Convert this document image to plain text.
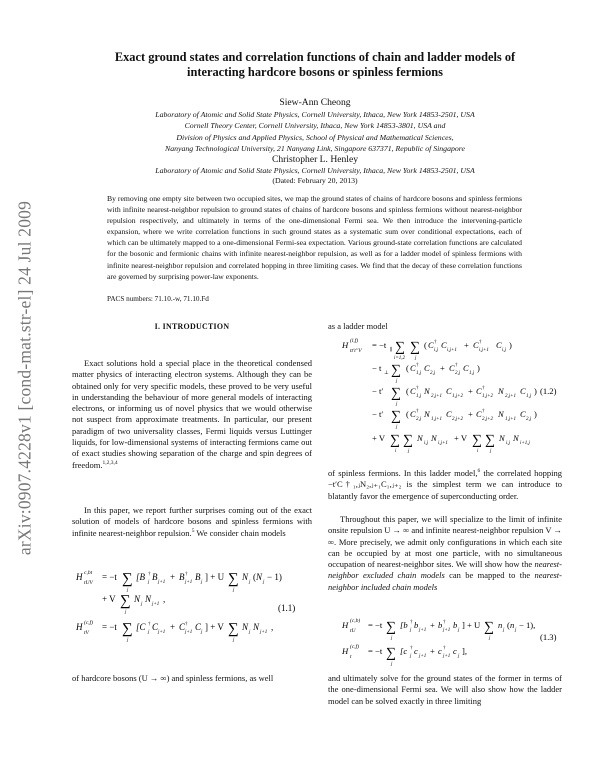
arXiv:0907.4228v1 [cond-mat.str-el] 24 Jul 2009
Exact ground states and correlation functions of chain and ladder models of
interacting hardcore bosons or spinless fermions
Siew-Ann Cheong
Laboratory of Atomic and Solid State Physics, Cornell University, Ithaca, New York 14853-2501, USA
Cornell Theory Center, Cornell University, Ithaca, New York 14853-3801, USA and
Division of Physics and Applied Physics, School of Physical and Mathematical Sciences,
Nanyang Technological University, 21 Nanyang Link, Singapore 637371, Republic of Singapore
Christopher L. Henley
Laboratory of Atomic and Solid State Physics, Cornell University, Ithaca, New York 14853-2501, USA
(Dated: February 20, 2013)
By removing one empty site between two occupied sites, we map the ground states of chains of hardcore bosons and spinless fermions with infinite nearest-neighbor repulsion to ground states of chains of hardcore bosons and spinless fermions without nearest-neighbor repulsion respectively, and ultimately in terms of the one-dimensional Fermi sea. We then introduce the intervening-particle expansion, where we write correlation functions in such ground states as a systematic sum over conditional expectations, each of which can be ultimately mapped to a one-dimensional Fermi-sea expectation. Various ground-state correlation functions are calculated for the bosonic and fermionic chains with infinite nearest-neighbor repulsion, as well as for a ladder model of spinless fermions with infinite nearest-neighbor repulsion and correlated hopping in three limiting cases. We find that the decay of these correlation functions are governed by surprising power-law exponents.
PACS numbers: 71.10.-w, 71.10.Fd
I. INTRODUCTION

Exact solutions hold a special place in the theoretical condensed matter physics of interacting electron systems. Although they can be obtained only for very specific models, these proved to be very useful in understanding the behaviour of more general models of interacting electrons, or informing us of novel physics that we would otherwise not suspect from approximate treatments. In particular, our present paradigm of two universality classes, Fermi liquids versus Luttinger liquids, for low-dimensional systems of interacting fermions came out of exact studies showing separation of the charge and spin degrees of freedom.$^{1,2,3,4}$

In this paper, we report further surprises coming out of the exact solution of models of hardcore bosons and spinless fermions with infinite nearest-neighbor repulsion.$^5$ We consider chain models

H c,bt
tUV
= −t ∑
j
[B †
j
B
j+1
+ B †
j+1
B
j
] + U ∑
j
N
j
( N
j
− 1)
+ V ∑
j
N
j
N
j+1
,
(1.1)
H (c,f)
tV
= −t ∑
j
[C †
j
C
j+1
+ C †
j+1
C
j
] + V ∑
j
N
j
N
j+1
,

of hardcore bosons (U → ∞) and spinless fermions, as well

as a ladder model

H (l,f)
tt′t′′V
= −t
∥ ∑
i=1,2
∑
j
( C †
i,j
C
i,j+1
+ C †
i,j+1
C
i,j
)
− t
⊥ ∑
j
( C †
1,j
C
2,j
+ C †
2,j
C
1,j
)
− t′ ∑
j
( C †
1,j
N
2,j+1
C
1,j+2
+ C †
1,j+2
N
2,j+1
C
1,j
) (1.2)
− t′ ∑
j
( C †
2,j
N
1,j+1
C
2,j+2
+ C †
2,j+2
N
1,j+1
C
2,j
)
+ V ∑
i
∑
j
N
i,j
N
i,j+1
+ V ∑
i
∑
j
N
i,j
N
i+1,j

of spinless fermions. In this ladder model,$^6$ the correlated hopping −t′C†₁,ⱼN₂,ⱼ₊₁C₁,ⱼ₊₂ is the simplest term we can introduce to blatantly favor the emergence of superconducting order.

Throughout this paper, we will specialize to the limit of infinite onsite repulsion U → ∞ and infinite nearest-neighbor repulsion V → ∞. More precisely, we admit only configurations in which each site can be occupied by at most one particle, with no simultaneous occupation of nearest-neighbor sites. We will show how the nearest-neighbor excluded chain models can be mapped to the nearest-neighbor included chain models

H (c,b)
tU
= −t ∑
j
[b †
j
b
j+1
+ b †
j+1
b
j
] + U ∑
j
n
j
( n
j
− 1),
(1.3)
H (c,f)
t
= −t ∑
j
[c †
j
c
j+1
+ c †
j+1
c
j
],

and ultimately solve for the ground states of the former in terms of the one-dimensional Fermi sea. We will also show how the ladder model can be solved exactly in three limiting
